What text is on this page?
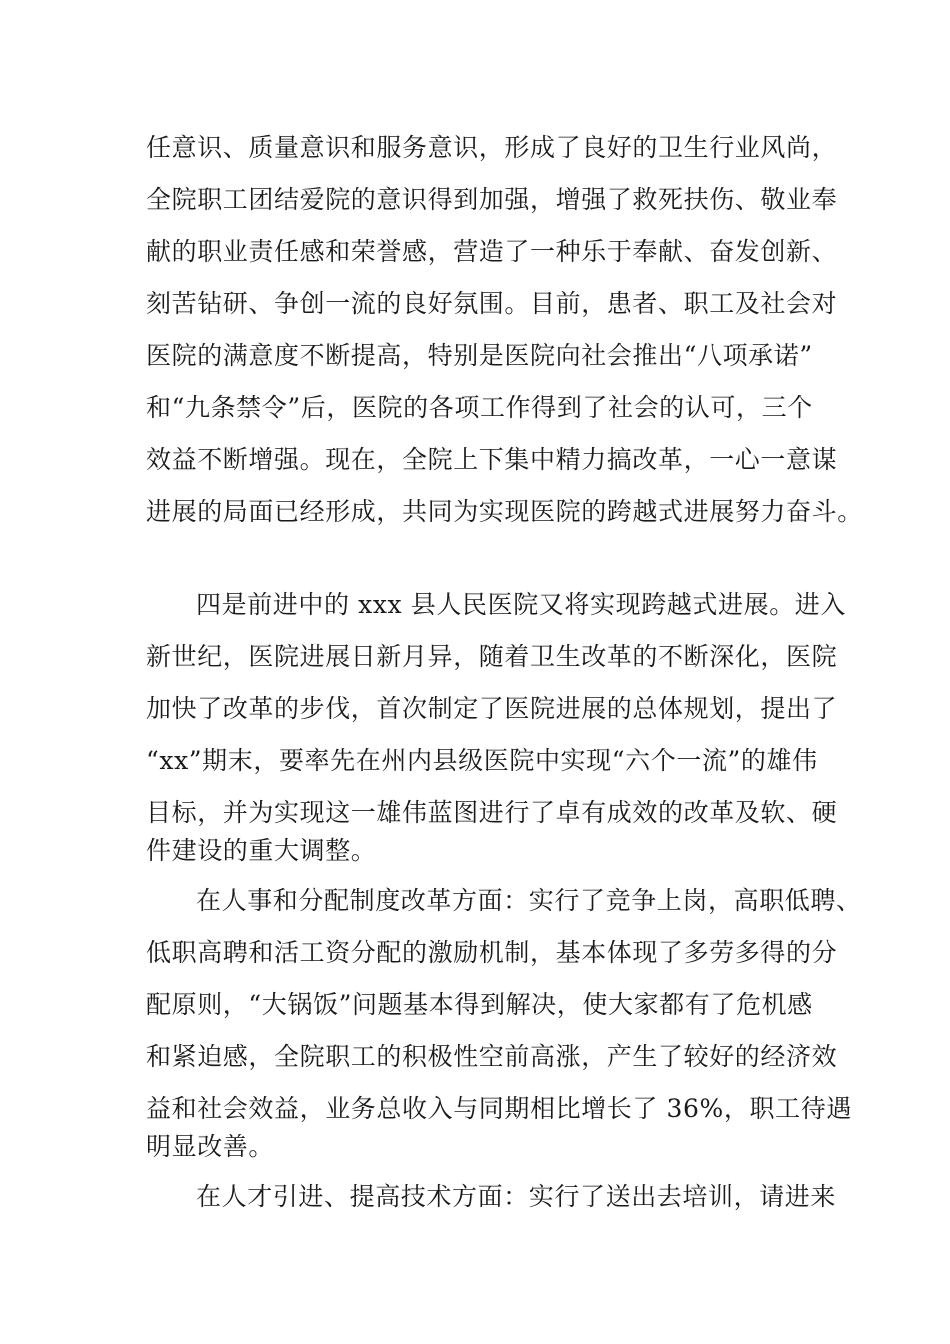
任意识、质量意识和服务意识，形成了良好的卫生行业风尚，
全院职工团结爱院的意识得到加强，增强了救死扶伤、敬业奉
献的职业责任感和荣誉感，营造了一种乐于奉献、奋发创新、
刻苦钻研、争创一流的良好氛围。目前，患者、职工及社会对
医院的满意度不断提高，特别是医院向社会推出“八项承诺”
和“九条禁令”后，医院的各项工作得到了社会的认可，三个
效益不断增强。现在，全院上下集中精力搞改革，一心一意谋
进展的局面已经形成，共同为实现医院的跨越式进展努力奋斗。
四是前进中的 xxx 县人民医院又将实现跨越式进展。进入
新世纪，医院进展日新月异，随着卫生改革的不断深化，医院
加快了改革的步伐，首次制定了医院进展的总体规划，提出了
“xx”期末，要率先在州内县级医院中实现“六个一流”的雄伟
目标，并为实现这一雄伟蓝图进行了卓有成效的改革及软、硬
件建设的重大调整。
在人事和分配制度改革方面：实行了竞争上岗，高职低聘、
低职高聘和活工资分配的激励机制，基本体现了多劳多得的分
配原则，“大锅饭”问题基本得到解决，使大家都有了危机感
和紧迫感，全院职工的积极性空前高涨，产生了较好的经济效
益和社会效益，业务总收入与同期相比增长了 36%，职工待遇
明显改善。
在人才引进、提高技术方面：实行了送出去培训，请进来
